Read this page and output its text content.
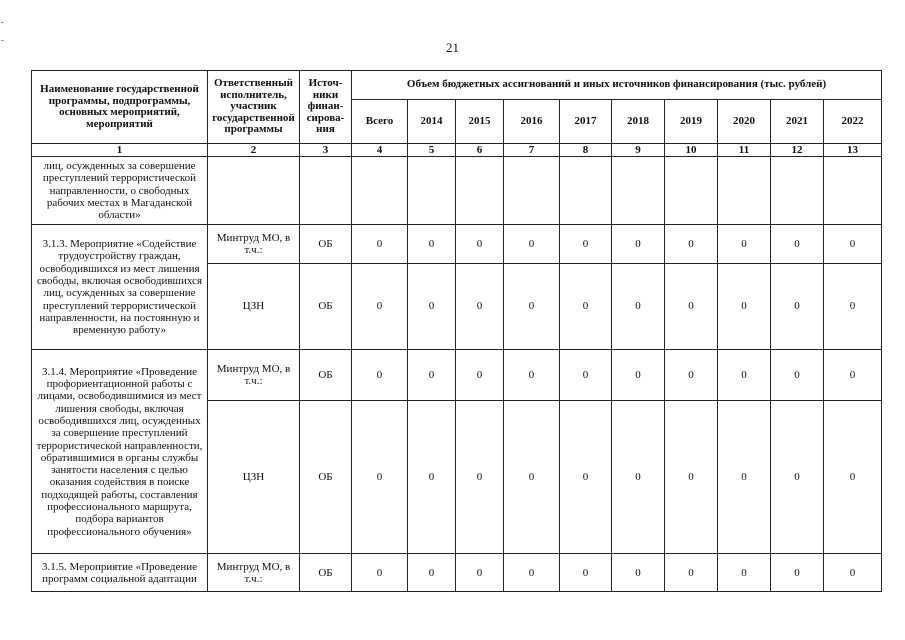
21
Наименование государственной программы, подпрограммы, основных мероприятий, мероприятий	Ответственный исполнитель, участник государственной программы	Источ-ники финан-сирова-ния	Объем бюджетных ассигнований и иных источников финансирования (тыс. рублей)									
			Всего	2014	2015	2016	2017	2018	2019	2020	2021	2022
1	2	3	4	5	6	7	8	9	10	11	12	13
лиц, осужденных за совершение преступлений террористической направленности, о свободных рабочих местах в Магаданской области»												
3.1.3. Мероприятие «Содействие трудоустройству граждан, освободившихся из мест лишения свободы, включая освободившихся лиц, осужденных за совершение преступлений террористической направленности, на постоянную и временную работу»	Минтруд МО, в т.ч.:	ОБ	0	0	0	0	0	0	0	0	0	0
	ЦЗН	ОБ	0	0	0	0	0	0	0	0	0	0
3.1.4. Мероприятие «Проведение профориентационной работы с лицами, освободившимися из мест лишения свободы, включая освободившихся лиц, осужденных за совершение преступлений террористической направленности, обратившимися в органы службы занятости населения с целью оказания содействия в поиске подходящей работы, составления профессионального маршрута, подбора вариантов профессионального обучения»	Минтруд МО, в т.ч.:	ОБ	0	0	0	0	0	0	0	0	0	0
	ЦЗН	ОБ	0	0	0	0	0	0	0	0	0	0
3.1.5. Мероприятие «Проведение программ социальной адаптации	Минтруд МО, в т.ч.:	ОБ	0	0	0	0	0	0	0	0	0	0
